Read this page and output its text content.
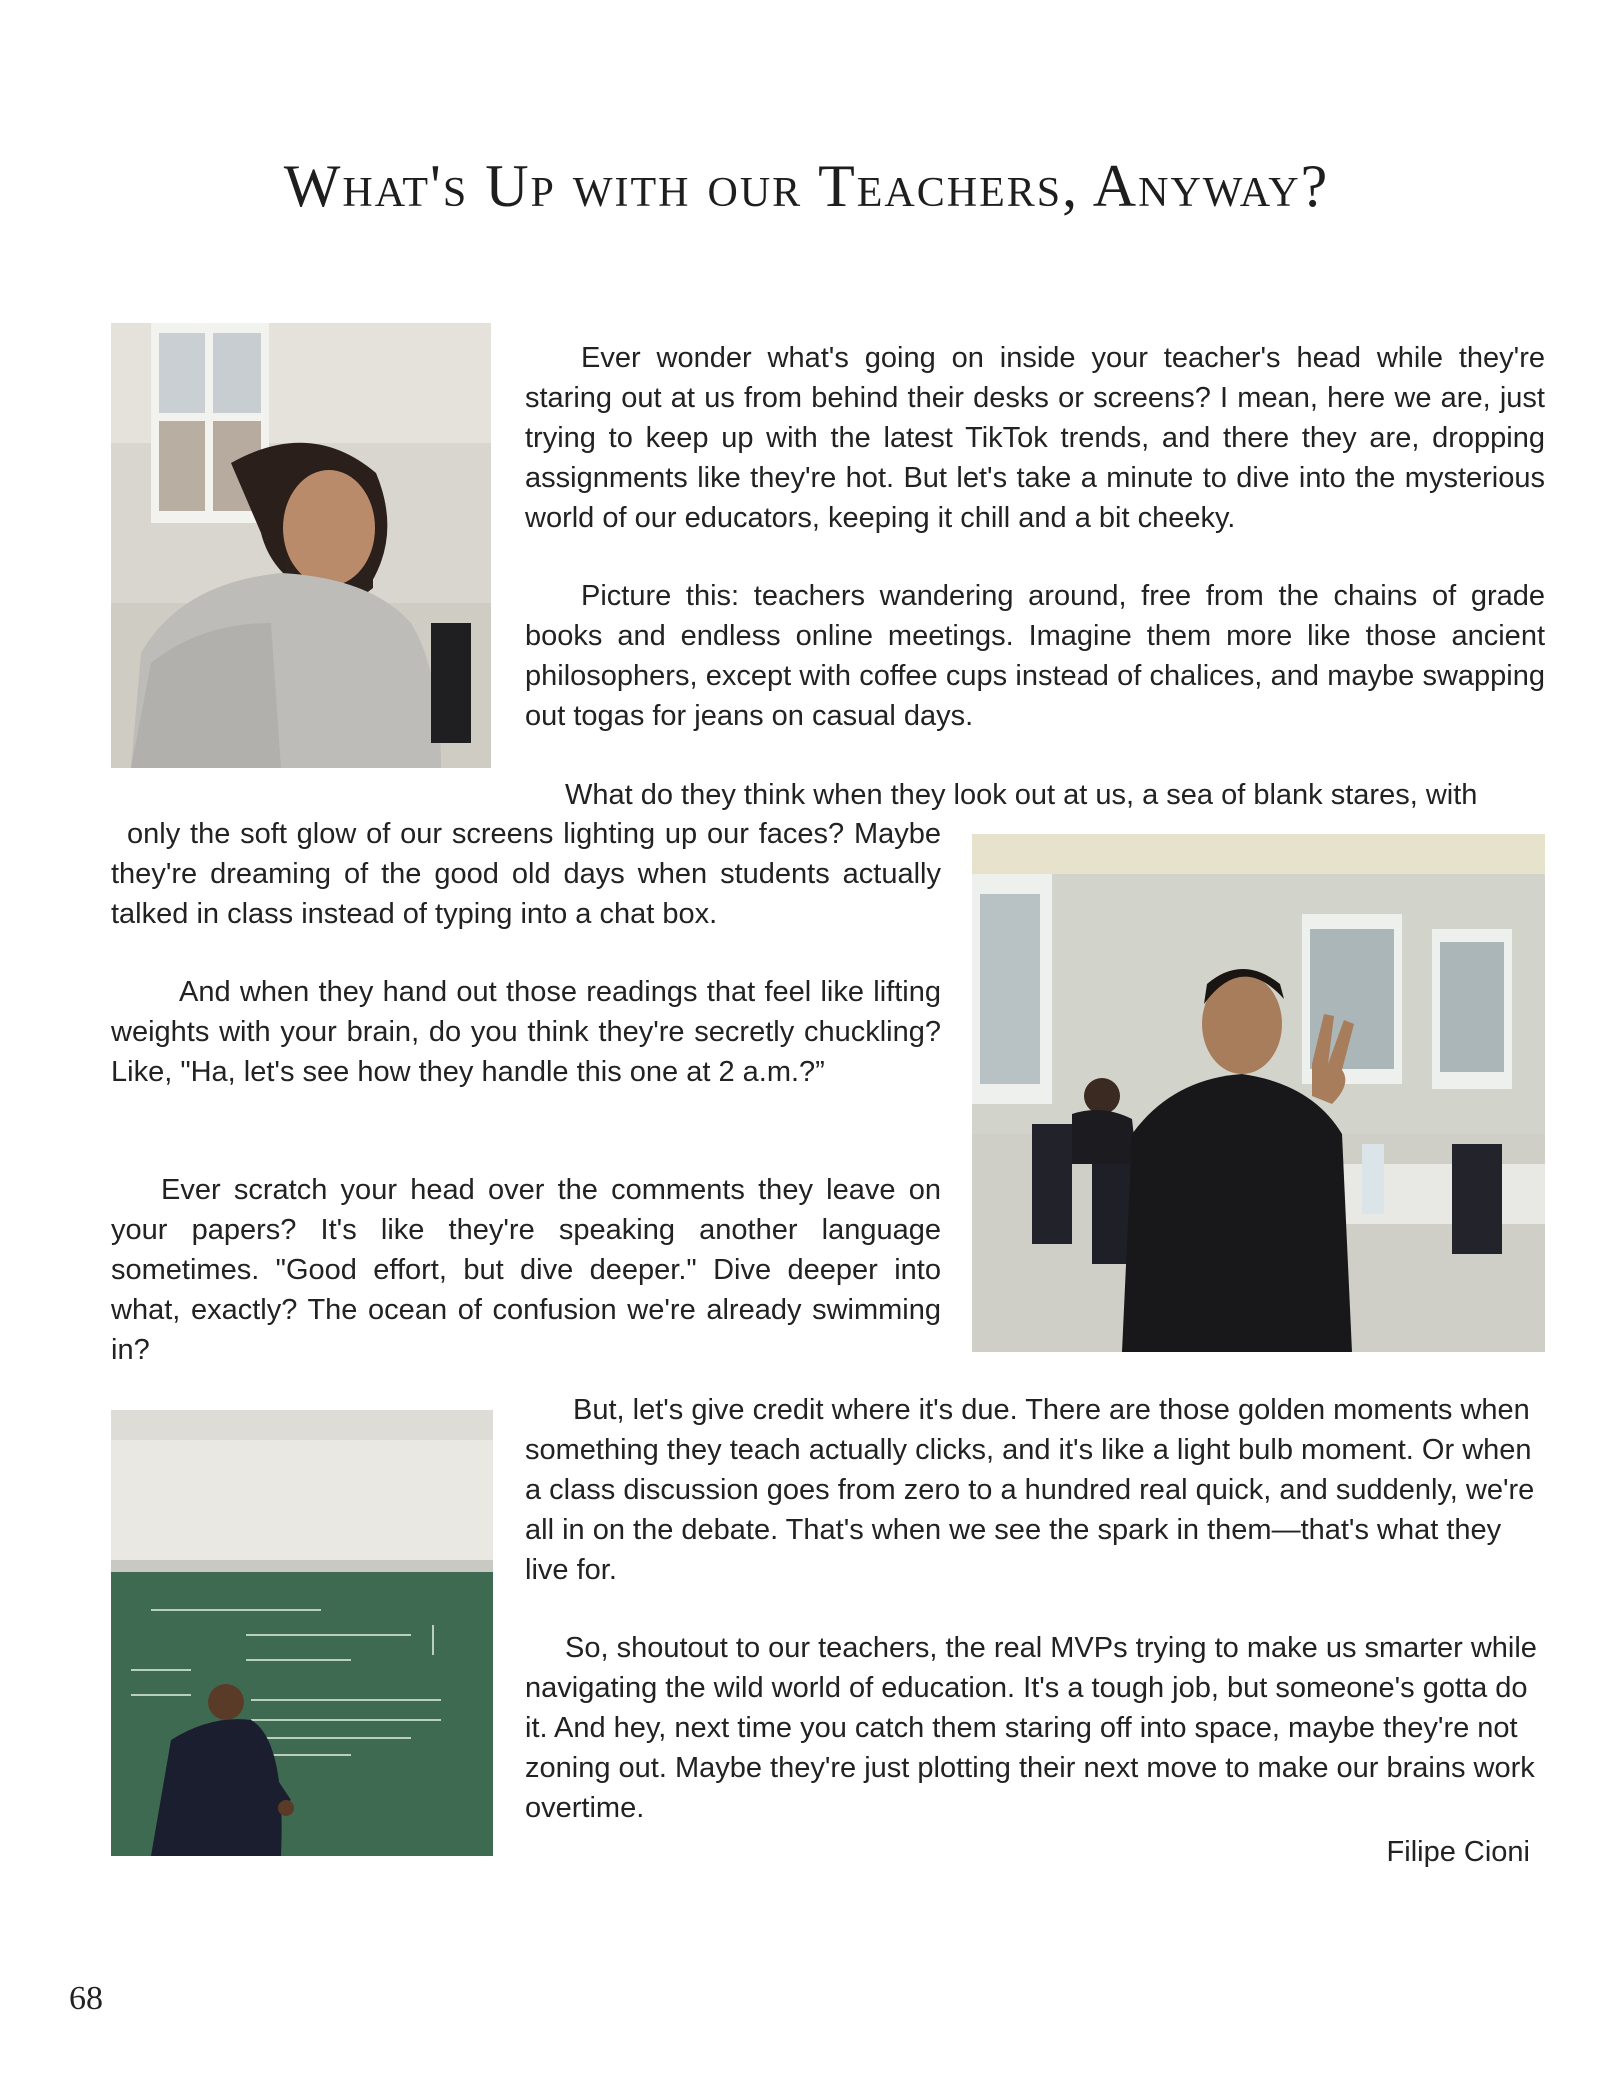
What's Up with our Teachers, Anyway?

Ever wonder what's going on inside your teacher's head while they're staring out at us from behind their desks or screens? I mean, here we are, just trying to keep up with the latest TikTok trends, and there they are, dropping assignments like they're hot. But let's take a minute to dive into the mysterious world of our educators, keeping it chill and a bit cheeky.

Picture this: teachers wandering around, free from the chains of grade books and endless online meetings. Imagine them more like those ancient philosophers, except with coffee cups instead of chalices, and maybe swapping out togas for jeans on casual days.

What do they think when they look out at us, a sea of blank stares, with

only the soft glow of our screens lighting up our faces? Maybe they're dreaming of the good old days when students actually talked in class instead of typing into a chat box.

And when they hand out those readings that feel like lifting weights with your brain, do you think they're secretly chuckling? Like, "Ha, let's see how they handle this one at 2 a.m.?”

Ever scratch your head over the comments they leave on your papers? It's like they're speaking another language sometimes. "Good effort, but dive deeper." Dive deeper into what, exactly? The ocean of confusion we're already swimming in?

But, let's give credit where it's due. There are those golden moments when something they teach actually clicks, and it's like a light bulb moment. Or when a class discussion goes from zero to a hundred real quick, and suddenly, we're all in on the debate. That's when we see the spark in them—that's what they live for.

So, shoutout to our teachers, the real MVPs trying to make us smarter while navigating the wild world of education. It's a tough job, but someone's gotta do it. And hey, next time you catch them staring off into space, maybe they're not zoning out. Maybe they're just plotting their next move to make our brains work overtime.

Filipe Cioni
68
